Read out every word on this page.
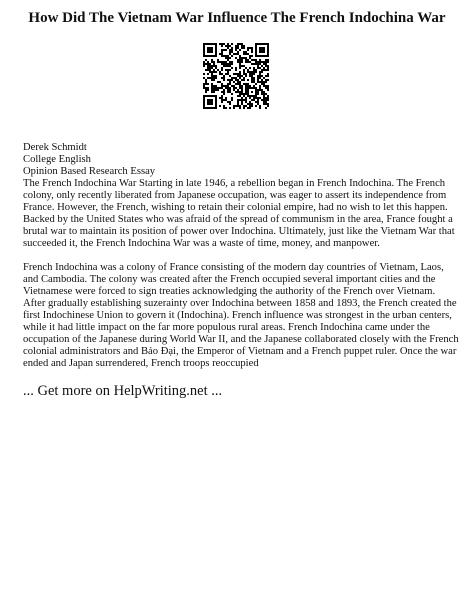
How Did The Vietnam War Influence The French Indochina War
Derek Schmidt
College English
Opinion Based Research Essay
The French Indochina War Starting in late 1946, a rebellion began in French Indochina. The French
colony, only recently liberated from Japanese occupation, was eager to assert its independence from
France. However, the French, wishing to retain their colonial empire, had no wish to let this happen.
Backed by the United States who was afraid of the spread of communism in the area, France fought a
brutal war to maintain its position of power over Indochina. Ultimately, just like the Vietnam War that
succeeded it, the French Indochina War was a waste of time, money, and manpower.
French Indochina was a colony of France consisting of the modern day countries of Vietnam, Laos,
and Cambodia. The colony was created after the French occupied several important cities and the
Vietnamese were forced to sign treaties acknowledging the authority of the French over Vietnam.
After gradually establishing suzerainty over Indochina between 1858 and 1893, the French created the
first Indochinese Union to govern it (Indochina). French influence was strongest in the urban centers,
while it had little impact on the far more populous rural areas. French Indochina came under the
occupation of the Japanese during World War II, and the Japanese collaborated closely with the French
colonial administrators and Bảo Đại, the Emperor of Vietnam and a French puppet ruler. Once the war
ended and Japan surrendered, French troops reoccupied
... Get more on HelpWriting.net ...
